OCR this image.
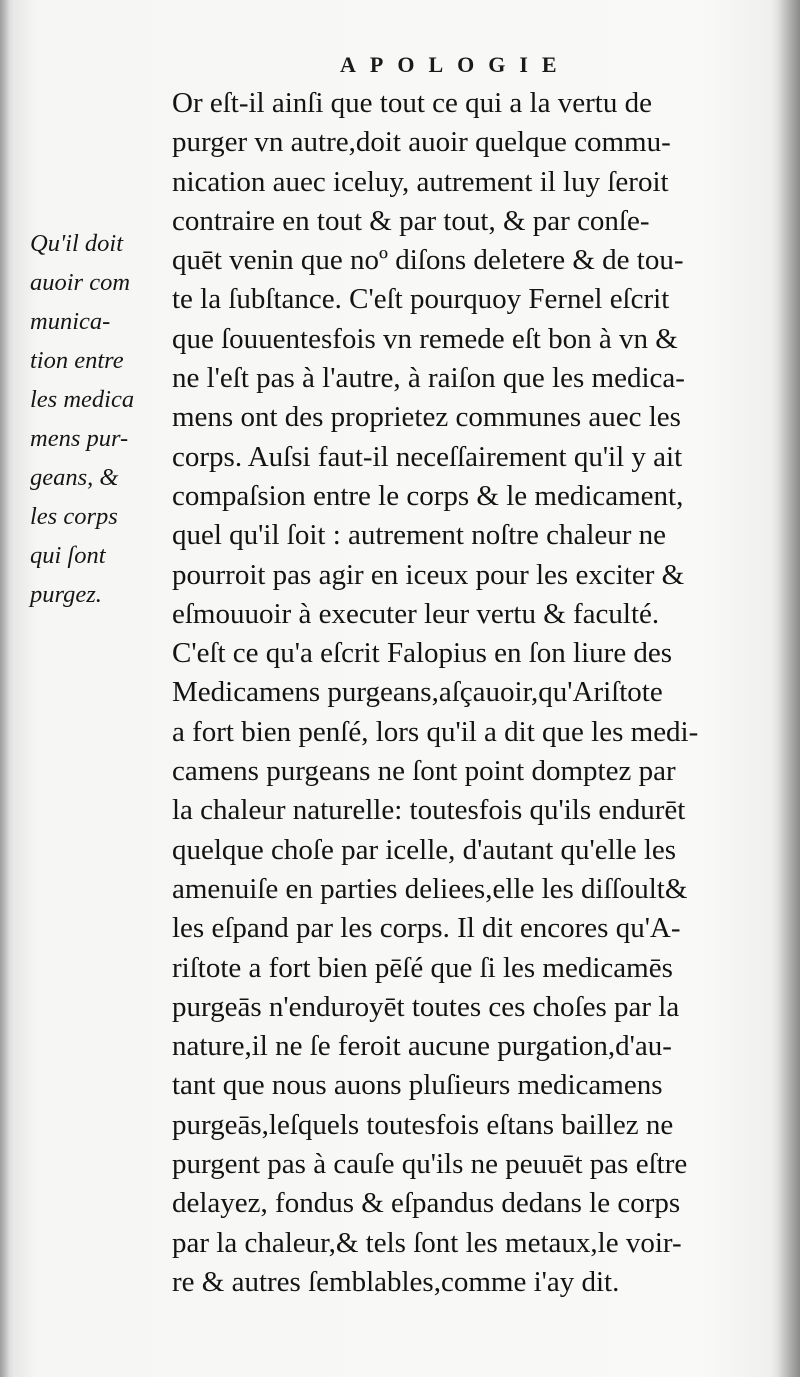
APOLOGIE
Qu'il doit
auoir com
munica-
tion entre
les medica
mens pur-
geans, &
les corps
qui ſont
purgez.
Or eſt-il ainſi que tout ce qui a la vertu de
purger vn autre,doit auoir quelque commu-
nication auec iceluy, autrement il luy ſeroit
contraire en tout & par tout, & par conſe-
quēt venin que noº diſons deletere & de tou-
te la ſubſtance. C'eſt pourquoy Fernel eſcrit
que ſouuentesfois vn remede eſt bon à vn &
ne l'eſt pas à l'autre, à raiſon que les medica-
mens ont des proprietez communes auec les
corps. Auſsi faut-il neceſſairement qu'il y ait
compaſsion entre le corps & le medicament,
quel qu'il ſoit : autrement noſtre chaleur ne
pourroit pas agir en iceux pour les exciter &
eſmouuoir à executer leur vertu & faculté.
C'eſt ce qu'a eſcrit Falopius en ſon liure des
Medicamens purgeans,aſçauoir,qu'Ariſtote
a fort bien penſé, lors qu'il a dit que les medi-
camens purgeans ne ſont point domptez par
la chaleur naturelle: toutesfois qu'ils endurēt
quelque choſe par icelle, d'autant qu'elle les
amenuiſe en parties deliees,elle les diſſoult&
les eſpand par les corps. Il dit encores qu'A-
riſtote a fort bien pēſé que ſi les medicamēs
purgeās n'enduroyēt toutes ces choſes par la
nature,il ne ſe feroit aucune purgation,d'au-
tant que nous auons pluſieurs medicamens
purgeās,leſquels toutesfois eſtans baillez ne
purgent pas à cauſe qu'ils ne peuuēt pas eſtre
delayez, fondus & eſpandus dedans le corps
par la chaleur,& tels ſont les metaux,le voir-
re & autres ſemblables,comme i'ay dit.
